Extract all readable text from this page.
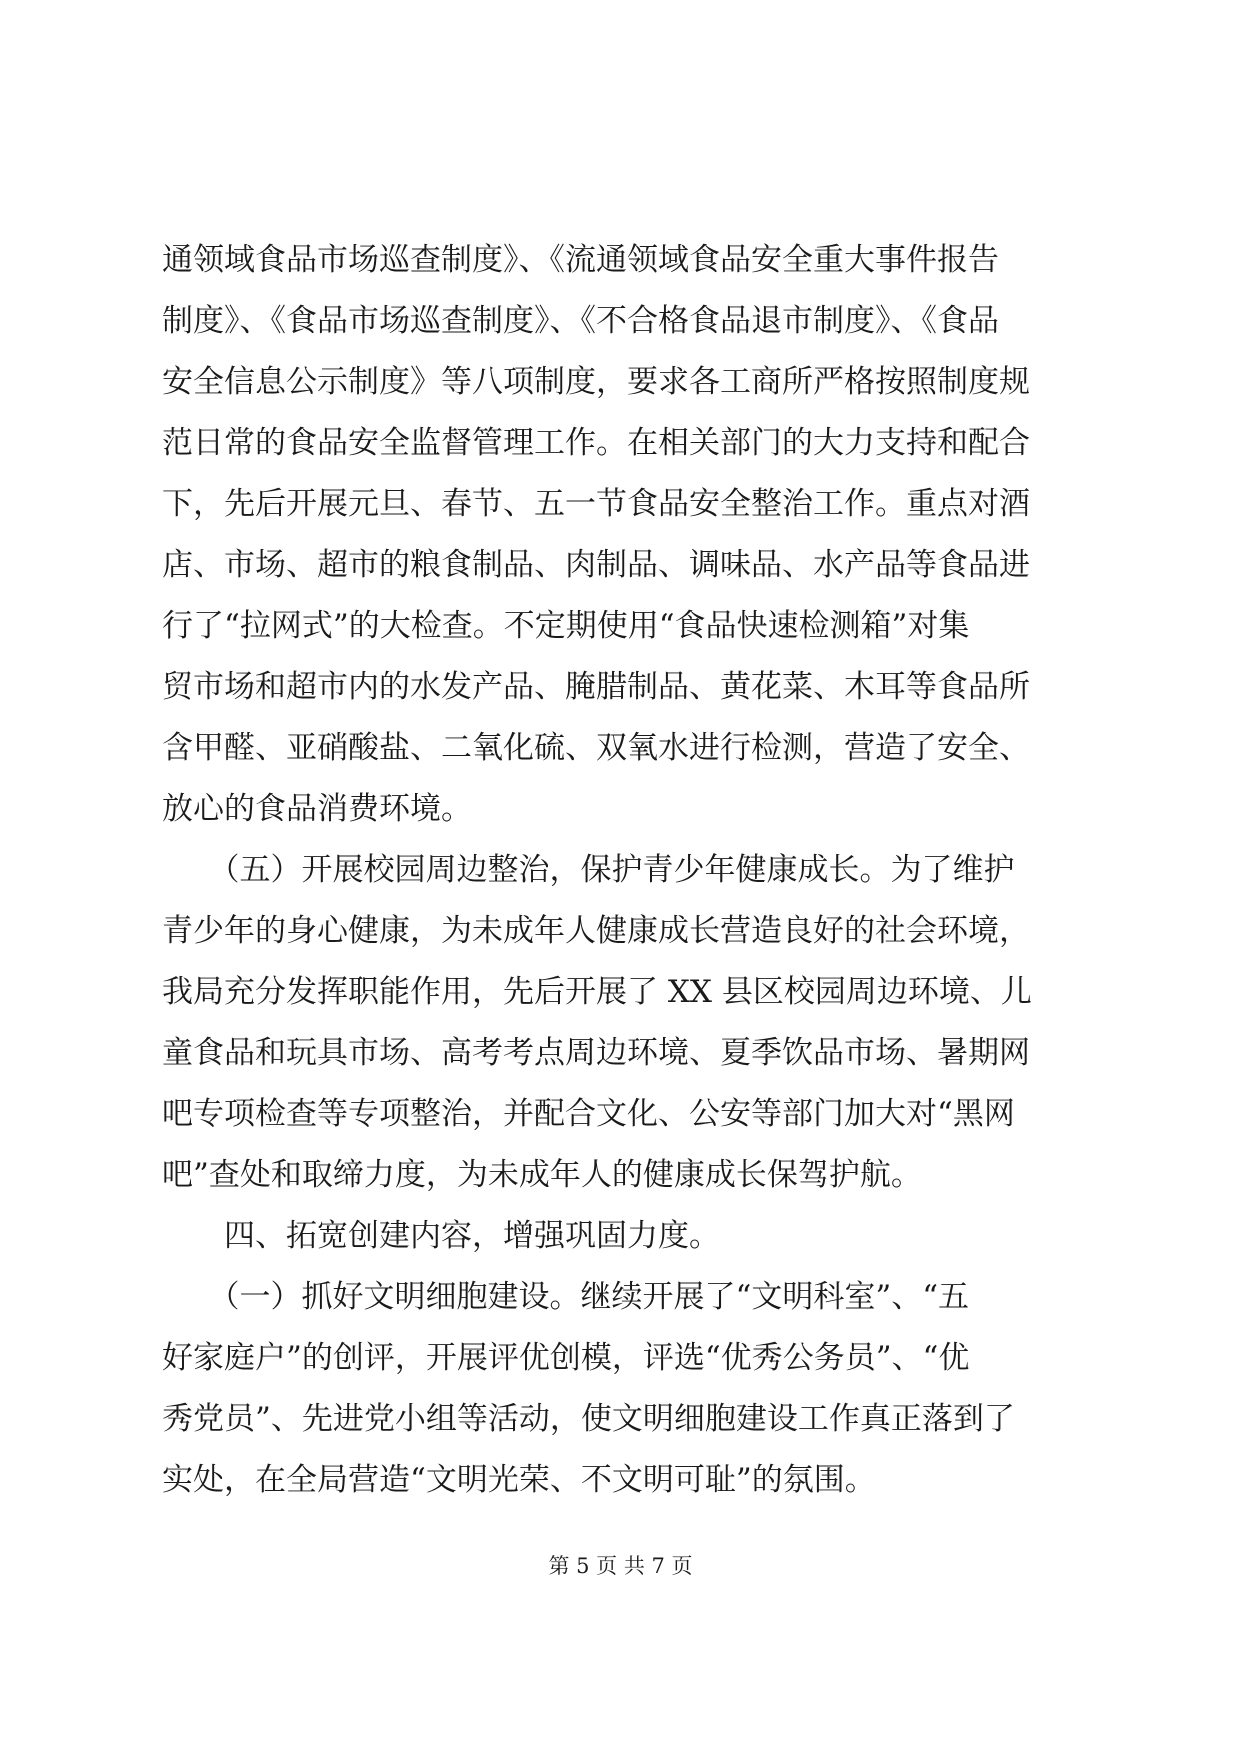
通领域食品市场巡查制度》、《流通领域食品安全重大事件报告
制度》、《食品市场巡查制度》、《不合格食品退市制度》、《食品
安全信息公示制度》等八项制度，要求各工商所严格按照制度规
范日常的食品安全监督管理工作。在相关部门的大力支持和配合
下，先后开展元旦、春节、五一节食品安全整治工作。重点对酒
店、市场、超市的粮食制品、肉制品、调味品、水产品等食品进
行了“拉网式”的大检查。不定期使用“食品快速检测箱”对集
贸市场和超市内的水发产品、腌腊制品、黄花菜、木耳等食品所
含甲醛、亚硝酸盐、二氧化硫、双氧水进行检测，营造了安全、
放心的食品消费环境。
　　（五）开展校园周边整治，保护青少年健康成长。为了维护
青少年的身心健康，为未成年人健康成长营造良好的社会环境，
我局充分发挥职能作用，先后开展了 XX 县区校园周边环境、儿
童食品和玩具市场、高考考点周边环境、夏季饮品市场、暑期网
吧专项检查等专项整治，并配合文化、公安等部门加大对“黑网
吧”查处和取缔力度，为未成年人的健康成长保驾护航。
　　四、拓宽创建内容，增强巩固力度。
　　（一）抓好文明细胞建设。继续开展了“文明科室”、“五
好家庭户”的创评，开展评优创模，评选“优秀公务员”、“优
秀党员”、先进党小组等活动，使文明细胞建设工作真正落到了
实处，在全局营造“文明光荣、不文明可耻”的氛围。
第 5 页 共 7 页
